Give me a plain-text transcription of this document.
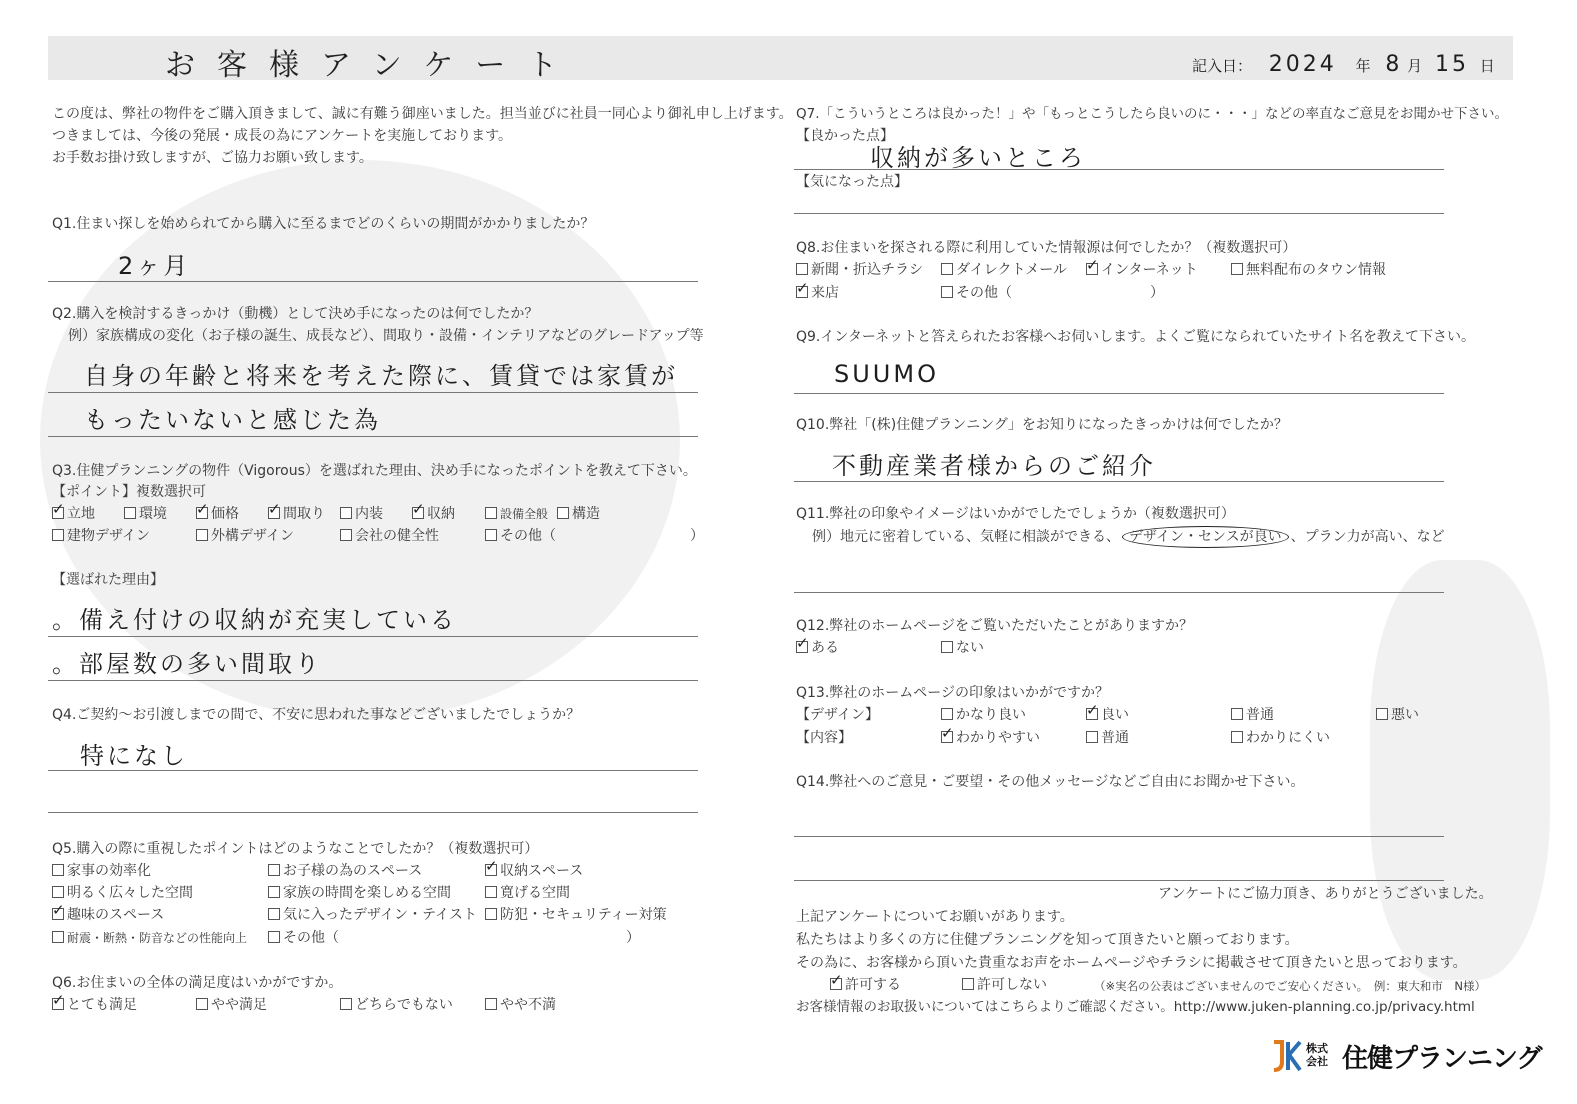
お客様アンケート	記入日： 2024 年 8 月 15 日
この度は、弊社の物件をご購入頂きまして、誠に有難う御座いました。担当並びに社員一同心より御礼申し上げます。
つきましては、今後の発展・成長の為にアンケートを実施しております。
お手数お掛け致しますが、ご協力お願い致します。
Q1.住まい探しを始められてから購入に至るまでどのくらいの期間がかかりましたか？
2ヶ月
Q2.購入を検討するきっかけ（動機）として決め手になったのは何でしたか？
例）家族構成の変化（お子様の誕生、成長など）、間取り・設備・インテリアなどのグレードアップ等
自身の年齢と将来を考えた際に、賃貸では家賃が
もったいないと感じた為
Q3.住健プランニングの物件（Vigorous）を選ばれた理由、決め手になったポイントを教えて下さい。
【ポイント】複数選択可
✓立地	環境 ✓	価格 ✓	間取り	内装 ✓	収納	設備全般	構造
建物デザイン	外構デザイン	会社の健全性	その他（	）
【選ばれた理由】
。備え付けの収納が充実している
。部屋数の多い間取り
Q4.ご契約～お引渡しまでの間で、不安に思われた事などございましたでしょうか？
特になし
Q5.購入の際に重視したポイントはどのようなことでしたか？（複数選択可）
家事の効率化	お子様の為のスペース ✓	収納スペース
明るく広々した空間	家族の時間を楽しめる空間	寛げる空間
✓趣味のスペース	気に入ったデザイン・テイスト	防犯・セキュリティー対策
耐震・断熱・防音などの性能向上	その他（	）
Q6.お住まいの全体の満足度はいかがですか。
✓とても満足	やや満足	どちらでもない	やや不満
Q7.「こういうところは良かった！」や「もっとこうしたら良いのに・・・」などの率直なご意見をお聞かせ下さい。
【良かった点】
収納が多いところ
【気になった点】
Q8.お住まいを探される際に利用していた情報源は何でしたか？（複数選択可）
新聞・折込チラシ	ダイレクトメール ✓	インターネット	無料配布のタウン情報
✓来店	その他（	）
Q9.インターネットと答えられたお客様へお伺いします。よくご覧になられていたサイト名を教えて下さい。
SUUMO
Q10.弊社「(株)住健プランニング」をお知りになったきっかけは何でしたか？
不動産業者様からのご紹介
Q11.弊社の印象やイメージはいかがでしたでしょうか（複数選択可）
例）地元に密着している、気軽に相談ができる、 デザイン・センスが良い 、プラン力が高い、など
Q12.弊社のホームページをご覧いただいたことがありますか？
✓ある	ない
Q13.弊社のホームページの印象はいかがですか？
【デザイン】	かなり良い ✓	良い	普通	悪い
【内容】 ✓	わかりやすい	普通	わかりにくい
Q14.弊社へのご意見・ご要望・その他メッセージなどご自由にお聞かせ下さい。
アンケートにご協力頂き、ありがとうございました。
上記アンケートについてお願いがあります。
私たちはより多くの方に住健プランニングを知って頂きたいと願っております。
その為に、お客様から頂いた貴重なお声をホームページやチラシに掲載させて頂きたいと思っております。
✓許可する	許可しない	（※実名の公表はございませんのでご安心ください。　例：東大和市　N様）
お客様情報のお取扱いについてはこちらよりご確認ください。http://www.juken-planning.co.jp/privacy.html
株式会社 住健プランニング
